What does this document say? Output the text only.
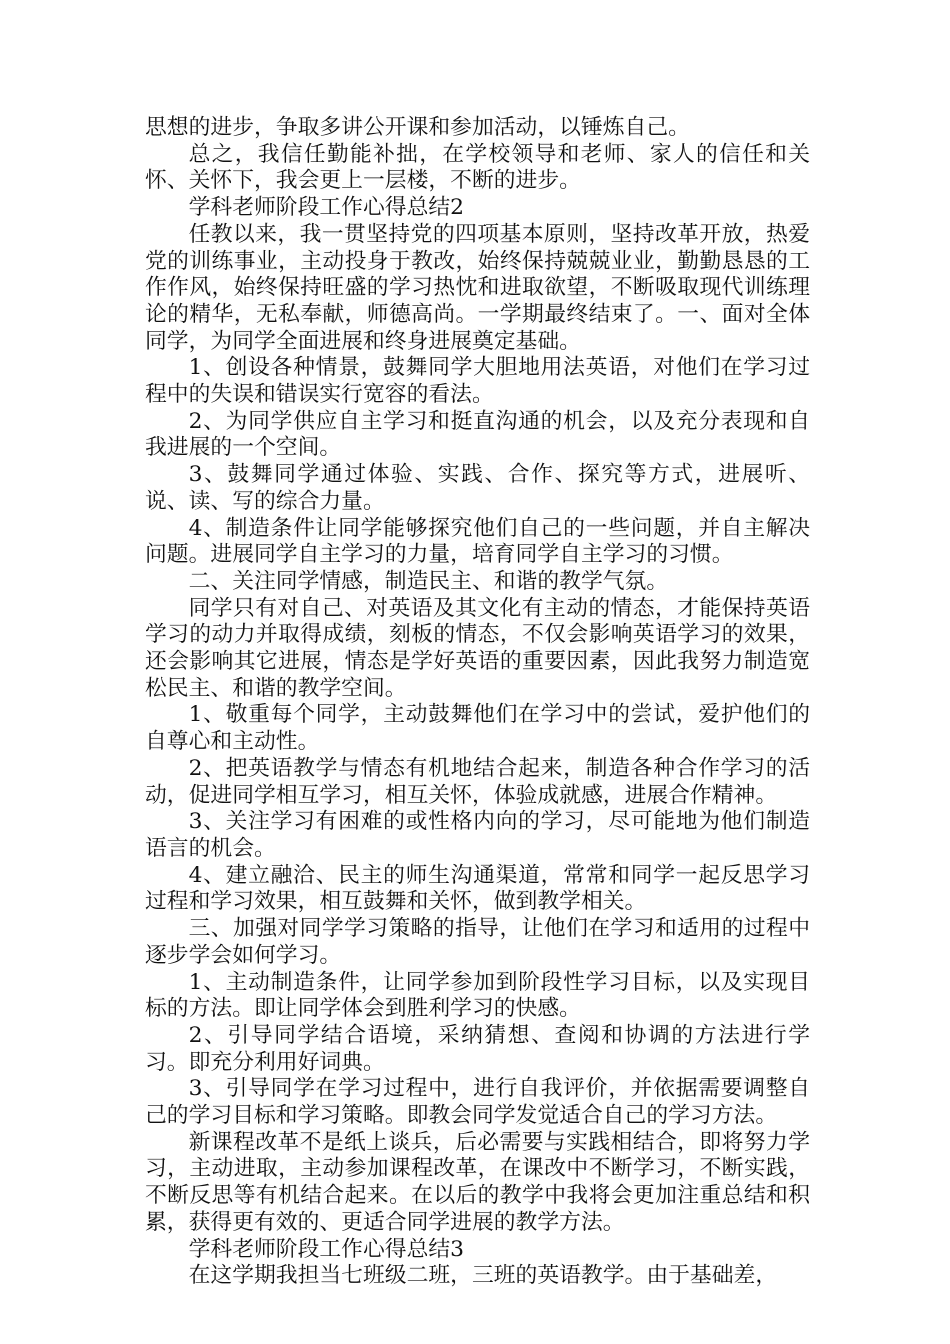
思想的进步，争取多讲公开课和参加活动，以锤炼自己。

总之，我信任勤能补拙，在学校领导和老师、家人的信任和关怀、关怀下，我会更上一层楼，不断的进步。

学科老师阶段工作心得总结2

任教以来，我一贯坚持党的四项基本原则，坚持改革开放，热爱党的训练事业，主动投身于教改，始终保持兢兢业业，勤勤恳恳的工作作风，始终保持旺盛的学习热忱和进取欲望，不断吸取现代训练理论的精华，无私奉献，师德高尚。一学期最终结束了。一、面对全体同学，为同学全面进展和终身进展奠定基础。

1、创设各种情景，鼓舞同学大胆地用法英语，对他们在学习过程中的失误和错误实行宽容的看法。

2、为同学供应自主学习和挺直沟通的机会，以及充分表现和自我进展的一个空间。

3、鼓舞同学通过体验、实践、合作、探究等方式，进展听、说、读、写的综合力量。

4、制造条件让同学能够探究他们自己的一些问题，并自主解决问题。进展同学自主学习的力量，培育同学自主学习的习惯。

二、关注同学情感，制造民主、和谐的教学气氛。

同学只有对自己、对英语及其文化有主动的情态，才能保持英语学习的动力并取得成绩，刻板的情态，不仅会影响英语学习的效果，还会影响其它进展，情态是学好英语的重要因素，因此我努力制造宽松民主、和谐的教学空间。

1、敬重每个同学，主动鼓舞他们在学习中的尝试，爱护他们的自尊心和主动性。

2、把英语教学与情态有机地结合起来，制造各种合作学习的活动，促进同学相互学习，相互关怀，体验成就感，进展合作精神。

3、关注学习有困难的或性格内向的学习，尽可能地为他们制造语言的机会。

4、建立融洽、民主的师生沟通渠道，常常和同学一起反思学习过程和学习效果，相互鼓舞和关怀，做到教学相关。

三、加强对同学学习策略的指导，让他们在学习和适用的过程中逐步学会如何学习。

1、主动制造条件，让同学参加到阶段性学习目标，以及实现目标的方法。即让同学体会到胜利学习的快感。

2、引导同学结合语境，采纳猜想、查阅和协调的方法进行学习。即充分利用好词典。

3、引导同学在学习过程中，进行自我评价，并依据需要调整自己的学习目标和学习策略。即教会同学发觉适合自己的学习方法。

新课程改革不是纸上谈兵，后必需要与实践相结合，即将努力学习，主动进取，主动参加课程改革，在课改中不断学习，不断实践，不断反思等有机结合起来。在以后的教学中我将会更加注重总结和积累，获得更有效的、更适合同学进展的教学方法。

学科老师阶段工作心得总结3

在这学期我担当七班级二班，三班的英语教学。由于基础差，
